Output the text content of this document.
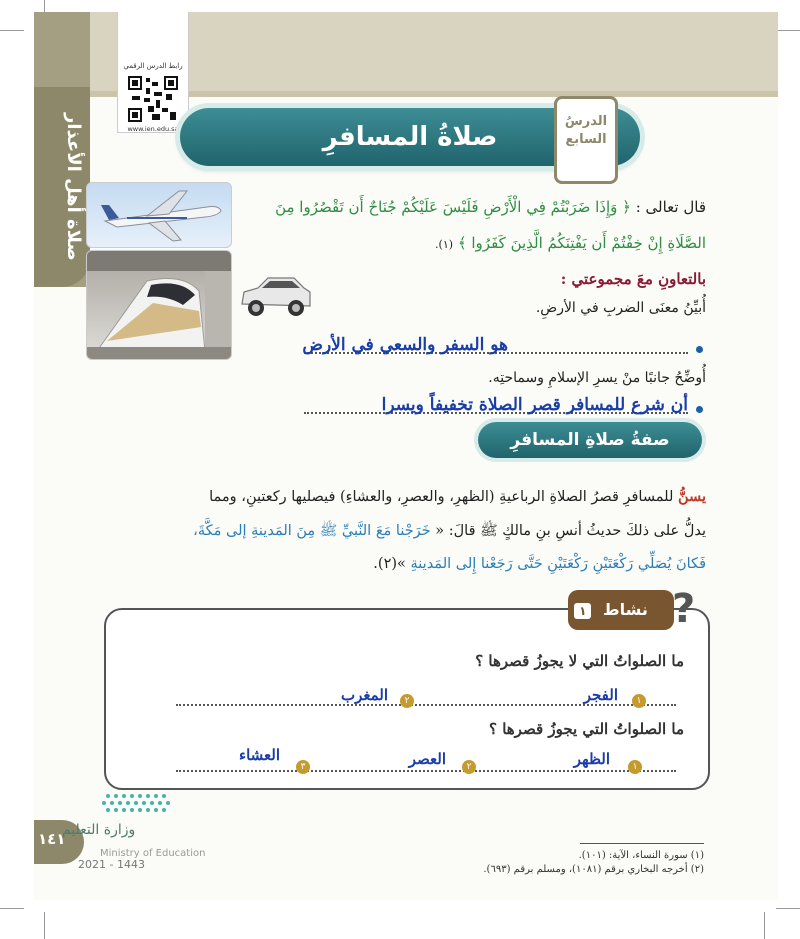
صلاة أهل الأعذار
رابط الدرس الرقمي
www.ien.edu.sa	صلاةُ المسافرِ
الدرسُ
السابع
قال تعالى : ﴿ وَإِذَا ضَرَبْتُمْ فِي الْأَرْضِ فَلَيْسَ عَلَيْكُمْ جُنَاحٌ أَن تَقْصُرُوا مِنَ
الصَّلَاةِ إِنْ خِفْتُمْ أَن يَفْتِنَكُمُ الَّذِينَ كَفَرُوا ﴾ (١).
بالتعاونِ معَ مجموعتي :
أُبيِّنُ معنَى الضربِ في الأرضِ.
هو السفر والسعي في الأرض
أُوضِّحُ جانبًا منْ يسرِ الإسلامِ وسماحتِه.
أن شرع للمسافر قصر الصلاة تخفيفاً ويسرا
صفةُ صلاةِ المسافرِ
يسنُّ للمسافرِ قصرُ الصلاةِ الرباعيةِ (الظهرِ، والعصرِ، والعشاءِ) فيصليها ركعتينِ، ومما
يدلُّ على ذلكَ حديثُ أنسِ بنِ مالكٍ ﷺ قالَ: « خَرَجْنا مَعَ النَّبيِّ ﷺ مِنَ المَدينةِ إلى مَكَّةَ،
فَكانَ يُصَلِّي رَكْعَتَيْنِ رَكْعَتَيْنِ حَتَّى رَجَعْنا إِلى المَدينةِ »(٢).
١ نشاط ?
ما الصلواتُ التي لا يجوزُ قصرها ؟
١
الفجر
٢
المغرب
ما الصلواتُ التي يجوزُ قصرها ؟
١
الظهر
٢
العصر
٣
العشاء
١٤١
وزارة التعليم
Ministry of Education
2021 - 1443
(١) سورة النساء، الآية: (١٠١).
(٢) أخرجه البخاري برقم (١٠٨١)، ومسلم برقم (٦٩٣).
